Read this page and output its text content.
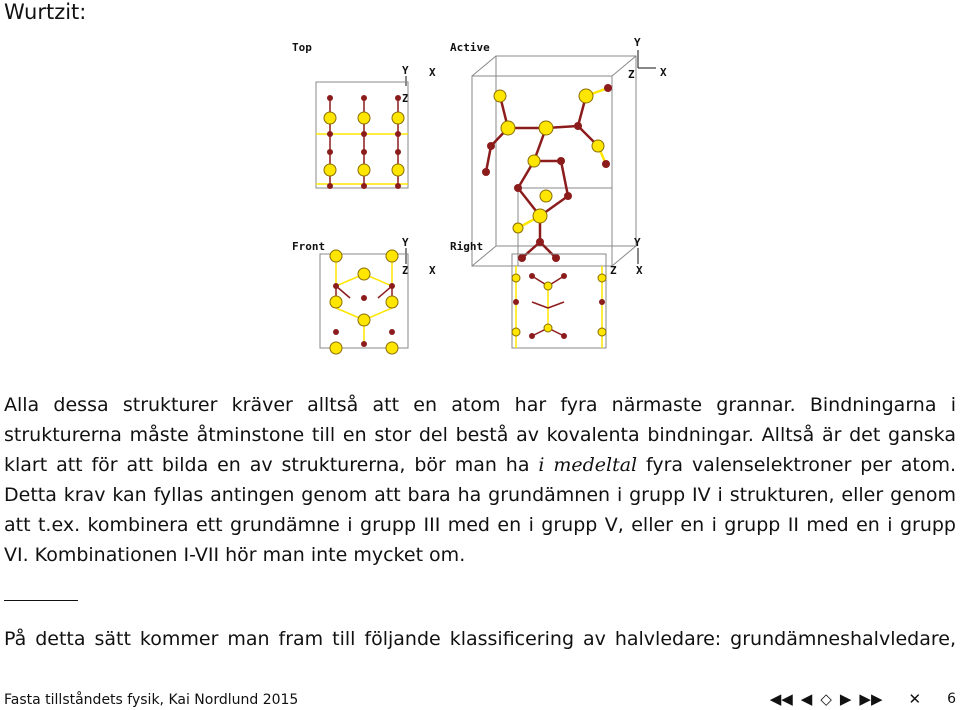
Wurtzit:
Top
Y X
Z
Active	Y
Z X
Front	Y
Z X
Right	Y
Z X

Alla dessa strukturer kräver alltså att en atom har fyra närmaste grannar. Bindningarna i strukturerna måste åtminstone till en stor del bestå av kovalenta bindningar. Alltså är det ganska klart att för att bilda en av strukturerna, bör man ha i medeltal fyra valenselektroner per atom. Detta krav kan fyllas antingen genom att bara ha grundämnen i grupp IV i strukturen, eller genom att t.ex. kombinera ett grundämne i grupp III med en i grupp V, eller en i grupp II med en i grupp VI. Kombinationen I-VII hör man inte mycket om.

På detta sätt kommer man fram till följande klassificering av halvledare: grundämneshalvledare,
Fasta tillståndets fysik, Kai Nordlund 2015	◀◀ ◀ ◇ ▶ ▶▶ ✕ 6
